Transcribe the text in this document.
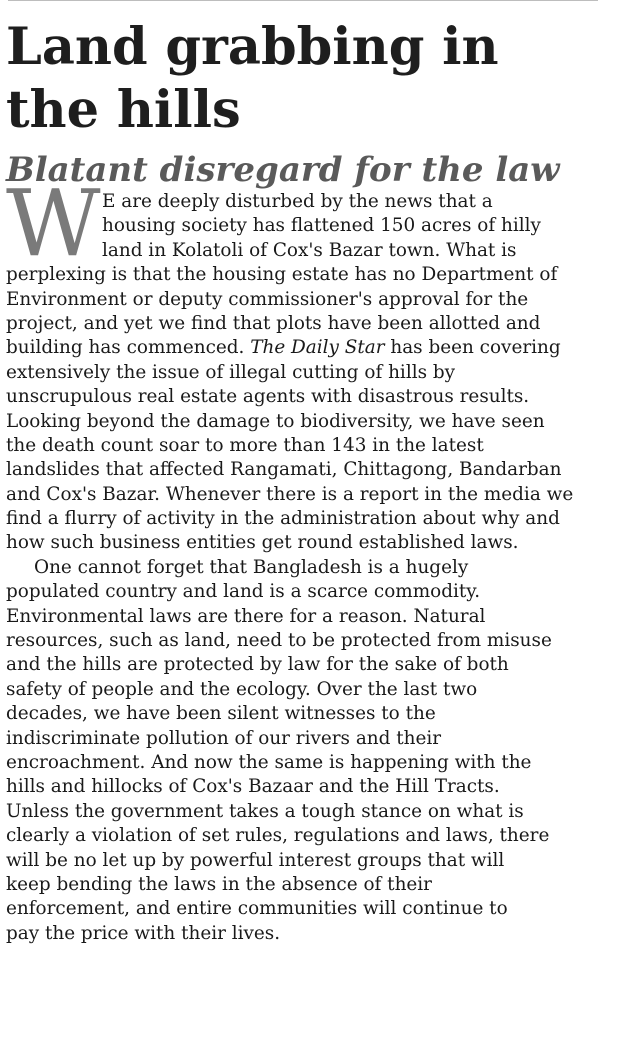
Land grabbing in
the hills
Blatant disregard for the law
W E are deeply disturbed by the news that a
housing society has flattened 150 acres of hilly
land in Kolatoli of Cox's Bazar town. What is
perplexing is that the housing estate has no Department of
Environment or deputy commissioner's approval for the
project, and yet we find that plots have been allotted and
building has commenced. The Daily Star has been covering
extensively the issue of illegal cutting of hills by
unscrupulous real estate agents with disastrous results.
Looking beyond the damage to biodiversity, we have seen
the death count soar to more than 143 in the latest
landslides that affected Rangamati, Chittagong, Bandarban
and Cox's Bazar. Whenever there is a report in the media we
find a flurry of activity in the administration about why and
how such business entities get round established laws.
One cannot forget that Bangladesh is a hugely
populated country and land is a scarce commodity.
Environmental laws are there for a reason. Natural
resources, such as land, need to be protected from misuse
and the hills are protected by law for the sake of both
safety of people and the ecology. Over the last two
decades, we have been silent witnesses to the
indiscriminate pollution of our rivers and their
encroachment. And now the same is happening with the
hills and hillocks of Cox's Bazaar and the Hill Tracts.
Unless the government takes a tough stance on what is
clearly a violation of set rules, regulations and laws, there
will be no let up by powerful interest groups that will
keep bending the laws in the absence of their
enforcement, and entire communities will continue to
pay the price with their lives.
